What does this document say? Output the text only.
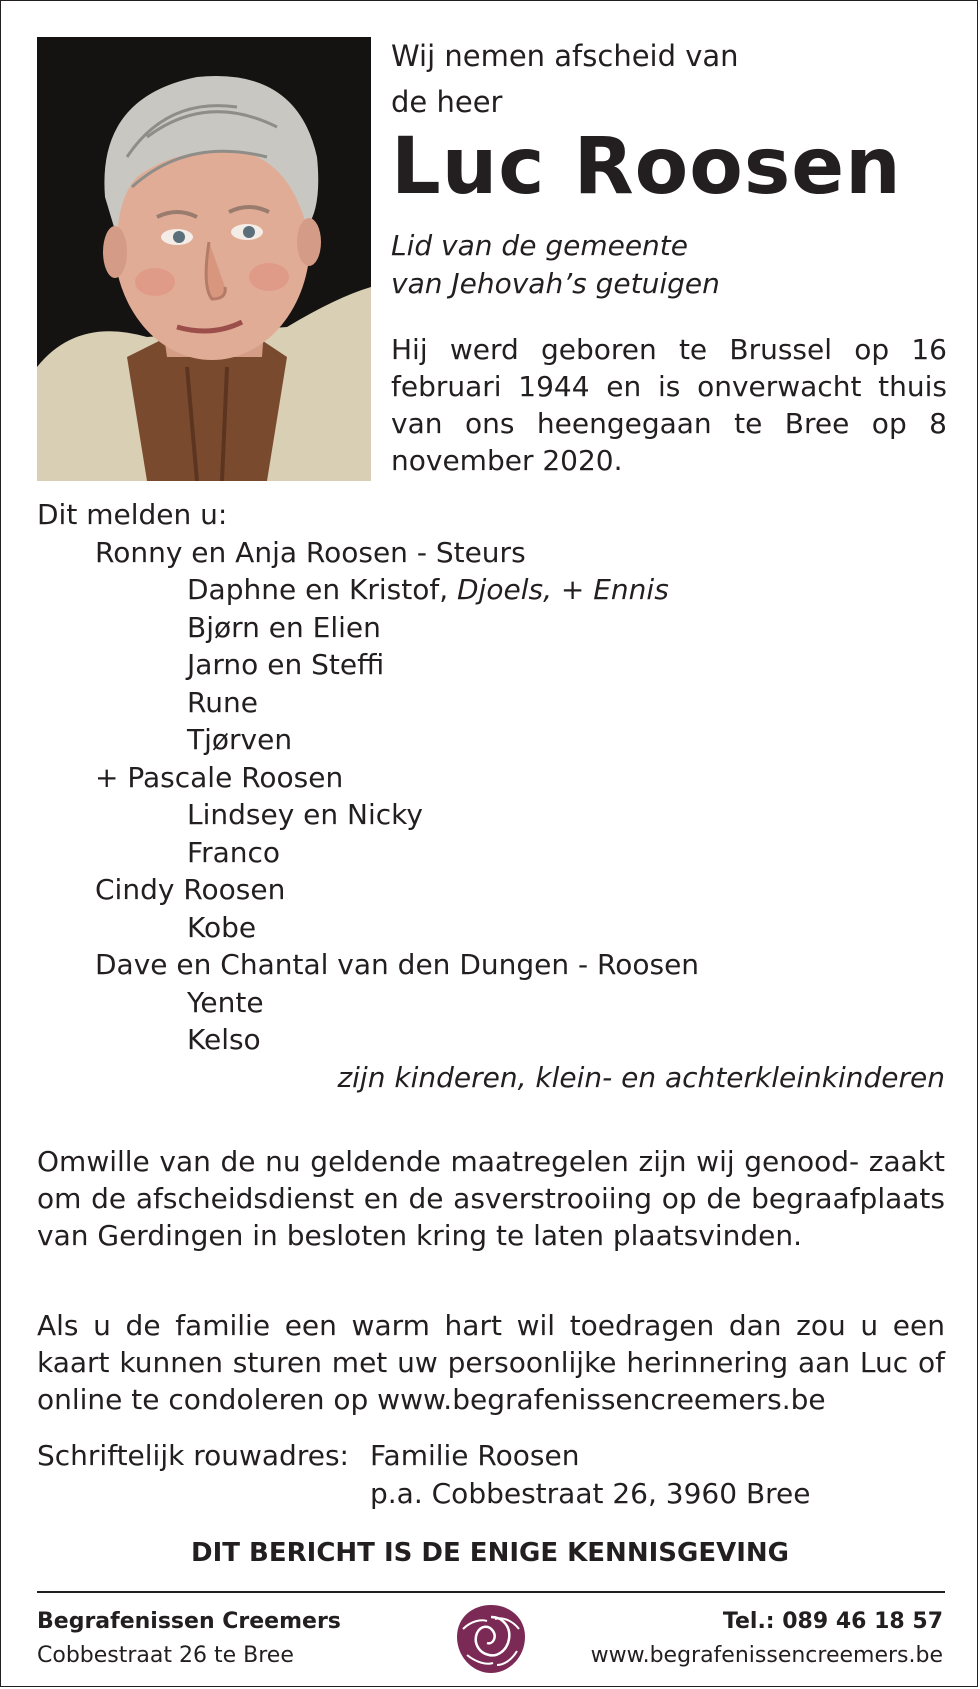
Wij nemen afscheid van
de heer
Luc Roosen
Lid van de gemeente
van Jehovah’s getuigen
Hij werd geboren te Brussel op 16 februari 1944 en is onverwacht thuis van ons heengegaan te Bree op 8 november 2020.
Dit melden u:
Ronny en Anja Roosen - Steurs
Daphne en Kristof, Djoels, + Ennis
Bjørn en Elien
Jarno en Steffi
Rune
Tjørven
+ Pascale Roosen
Lindsey en Nicky
Franco
Cindy Roosen
Kobe
Dave en Chantal van den Dungen - Roosen
Yente
Kelso
zijn kinderen, klein- en achterkleinkinderen
Omwille van de nu geldende maatregelen zijn wij genood- zaakt om de afscheidsdienst en de asverstrooiing op de begraafplaats van Gerdingen in besloten kring te laten plaatsvinden.
Als u de familie een warm hart wil toedragen dan zou u een kaart kunnen sturen met uw persoonlijke herinnering aan Luc of online te condoleren op www.begrafenissencreemers.be
Schriftelijk rouwadres: Familie Roosen
p.a. Cobbestraat 26, 3960 Bree
DIT BERICHT IS DE ENIGE KENNISGEVING
Begrafenissen Creemers
Cobbestraat 26 te Bree
Tel.: 089 46 18 57
www.begrafenissencreemers.be
